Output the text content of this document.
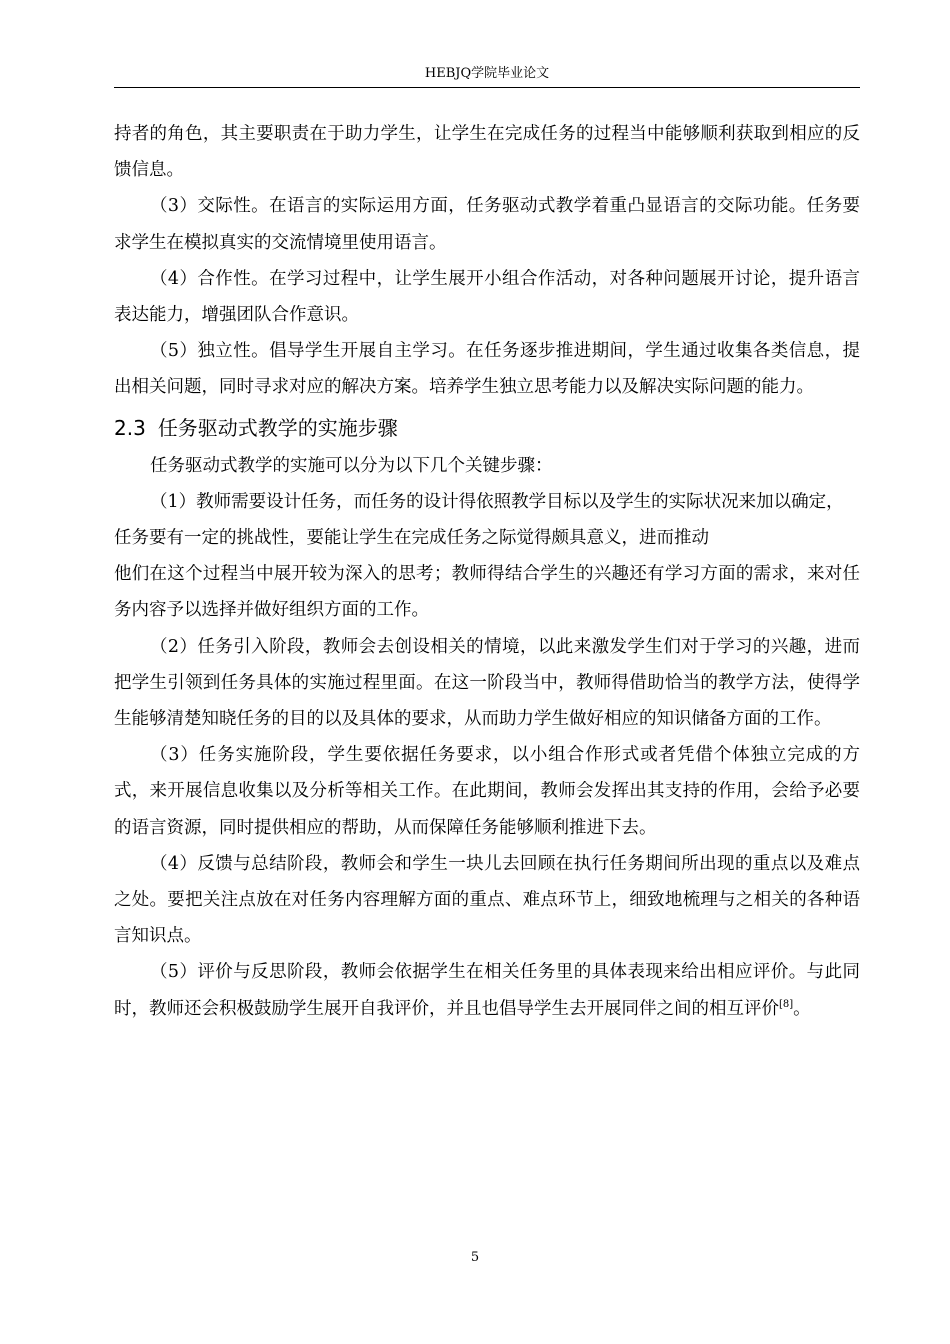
HEBJQ学院毕业论文

持者的角色，其主要职责在于助力学生，让学生在完成任务的过程当中能够顺利获取到相应的反馈信息。

（3）交际性。在语言的实际运用方面，任务驱动式教学着重凸显语言的交际功能。任务要求学生在模拟真实的交流情境里使用语言。

（4）合作性。在学习过程中，让学生展开小组合作活动，对各种问题展开讨论，提升语言表达能力，增强团队合作意识。

（5）独立性。倡导学生开展自主学习。在任务逐步推进期间，学生通过收集各类信息，提出相关问题，同时寻求对应的解决方案。培养学生独立思考能力以及解决实际问题的能力。

2.3 任务驱动式教学的实施步骤

任务驱动式教学的实施可以分为以下几个关键步骤：

（1）教师需要设计任务，而任务的设计得依照教学目标以及学生的实际状况来加以确定，任务要有一定的挑战性，要能让学生在完成任务之际觉得颇具意义，进而推动

他们在这个过程当中展开较为深入的思考；教师得结合学生的兴趣还有学习方面的需求，来对任务内容予以选择并做好组织方面的工作。

（2）任务引入阶段，教师会去创设相关的情境，以此来激发学生们对于学习的兴趣，进而把学生引领到任务具体的实施过程里面。在这一阶段当中，教师得借助恰当的教学方法，使得学生能够清楚知晓任务的目的以及具体的要求，从而助力学生做好相应的知识储备方面的工作。

（3）任务实施阶段，学生要依据任务要求，以小组合作形式或者凭借个体独立完成的方式，来开展信息收集以及分析等相关工作。在此期间，教师会发挥出其支持的作用，会给予必要的语言资源，同时提供相应的帮助，从而保障任务能够顺利推进下去。

（4）反馈与总结阶段，教师会和学生一块儿去回顾在执行任务期间所出现的重点以及难点之处。要把关注点放在对任务内容理解方面的重点、难点环节上，细致地梳理与之相关的各种语言知识点。

（5）评价与反思阶段，教师会依据学生在相关任务里的具体表现来给出相应评价。与此同时，教师还会积极鼓励学生展开自我评价，并且也倡导学生去开展同伴之间的相互评价[8]。

5
